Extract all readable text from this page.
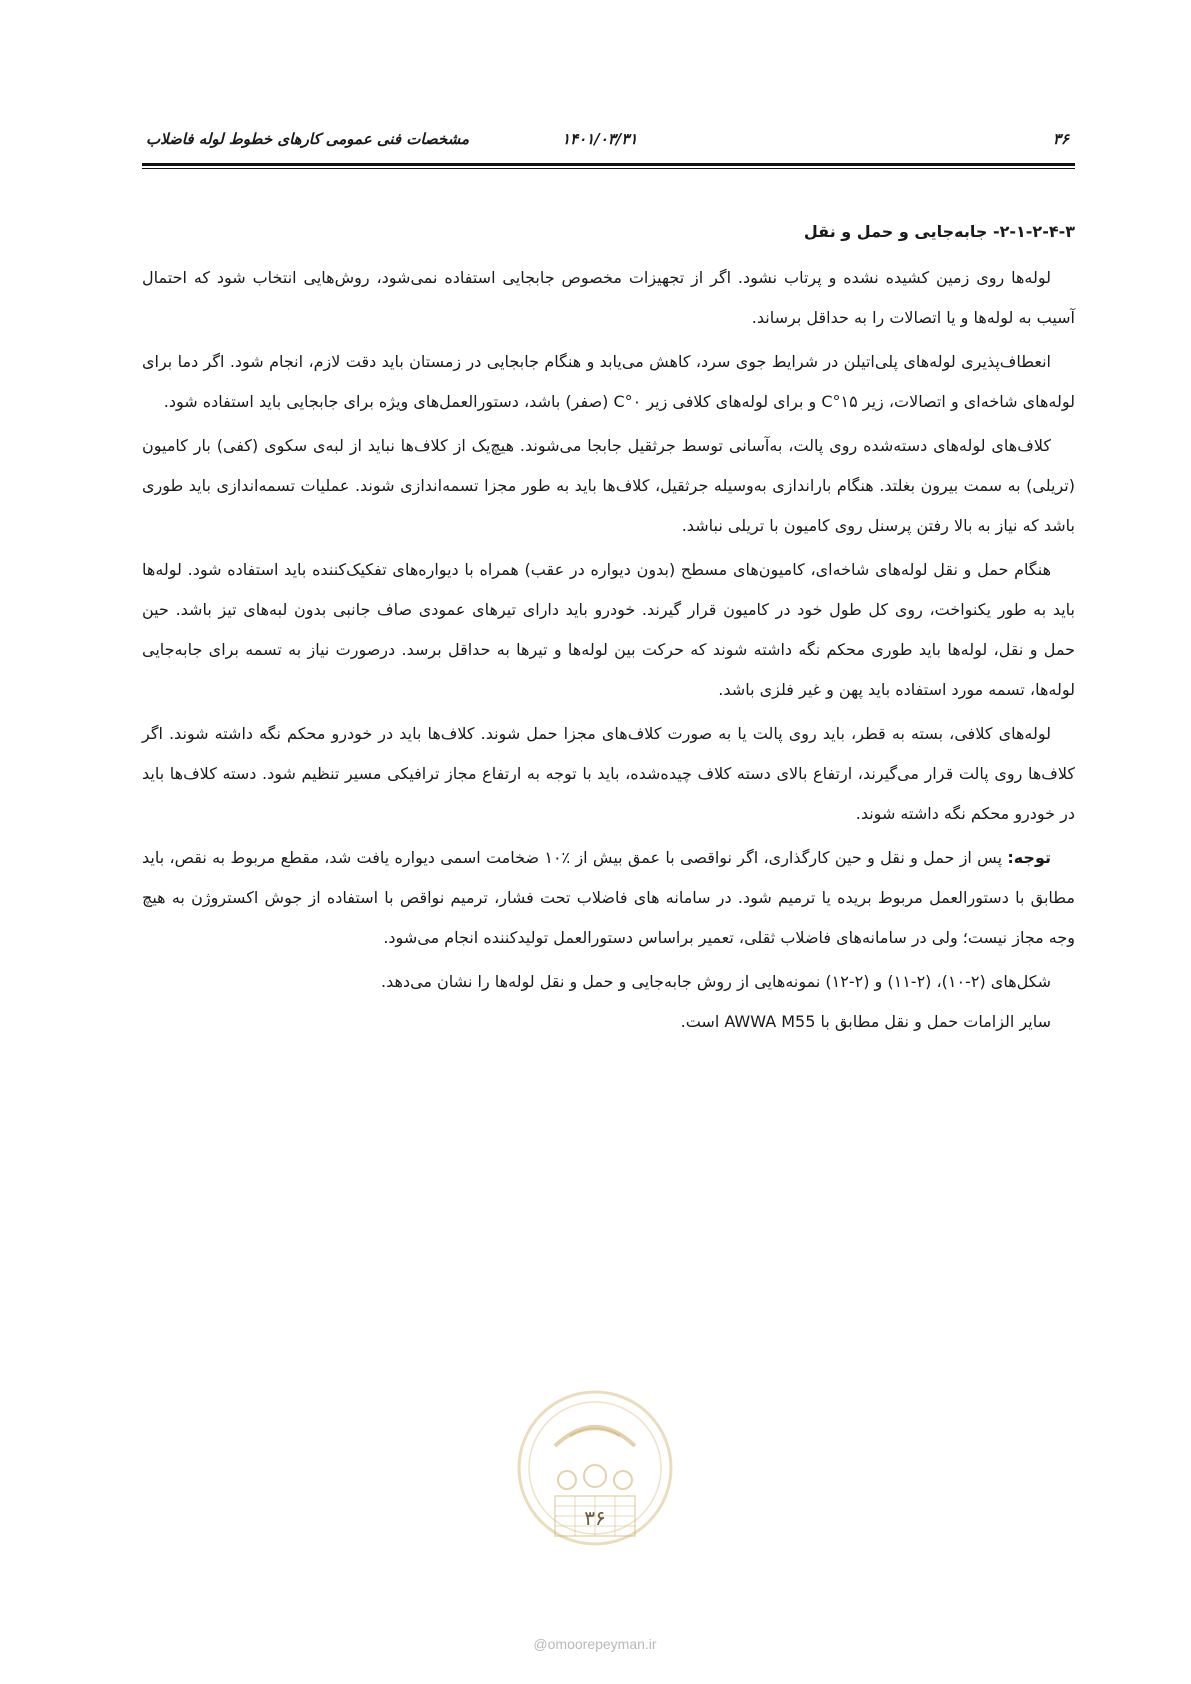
۳۶
۱۴۰۱/۰۳/۳۱
مشخصات فنی عمومی کارهای خطوط لوله فاضلاب

۲-۱-۲-۴-۳- جابه‌جایی و حمل و نقل

لوله‌ها روی زمین کشیده نشده و پرتاب نشود. اگر از تجهیزات مخصوص جابجایی استفاده نمی‌شود، روش‌هایی انتخاب شود که احتمال آسیب به لوله‌ها و یا اتصالات را به حداقل برساند.

انعطاف‌پذیری لوله‌های پلی‌اتیلن در شرایط جوی سرد، کاهش می‌یابد و هنگام جابجایی در زمستان باید دقت لازم، انجام شود. اگر دما برای لوله‌های شاخه‌ای و اتصالات، زیر ۱۵°C و برای لوله‌های کلافی زیر ۰°C (صفر) باشد، دستورالعمل‌های ویژه برای جابجایی باید استفاده شود.

کلاف‌های لوله‌های دسته‌شده روی پالت، به‌آسانی توسط جرثقیل جابجا می‌شوند. هیچ‌یک از کلاف‌ها نباید از لبه‌ی سکوی (کفی) بار کامیون (تریلی) به سمت بیرون بغلتد. هنگام باراندازی به‌وسیله جرثقیل، کلاف‌ها باید به طور مجزا تسمه‌اندازی شوند. عملیات تسمه‌اندازی باید طوری باشد که نیاز به بالا رفتن پرسنل روی کامیون با تریلی نباشد.

هنگام حمل و نقل لوله‌های شاخه‌ای، کامیون‌های مسطح (بدون دیواره در عقب) همراه با دیواره‌های تفکیک‌کننده باید استفاده شود. لوله‌ها باید به طور یکنواخت، روی کل طول خود در کامیون قرار گیرند. خودرو باید دارای تیرهای عمودی صاف جانبی بدون لبه‌های تیز باشد. حین حمل و نقل، لوله‌ها باید طوری محکم نگه داشته شوند که حرکت بین لوله‌ها و تیرها به حداقل برسد. درصورت نیاز به تسمه برای جابه‌جایی لوله‌ها، تسمه مورد استفاده باید پهن و غیر فلزی باشد.

لوله‌های کلافی، بسته به قطر، باید روی پالت یا به صورت کلاف‌های مجزا حمل شوند. کلاف‌ها باید در خودرو محکم نگه داشته شوند. اگر کلاف‌ها روی پالت قرار می‌گیرند، ارتفاع بالای دسته کلاف چیده‌شده، باید با توجه به ارتفاع مجاز ترافیکی مسیر تنظیم شود. دسته کلاف‌ها باید در خودرو محکم نگه داشته شوند.

توجه: پس از حمل و نقل و حین کارگذاری، اگر نواقصی با عمق بیش از ٪۱۰ ضخامت اسمی دیواره یافت شد، مقطع مربوط به نقص، باید مطابق با دستورالعمل مربوط بریده یا ترمیم شود. در سامانه های فاضلاب تحت فشار، ترمیم نواقص با استفاده از جوش اکستروژن به هیچ وجه مجاز نیست؛ ولی در سامانه‌های فاضلاب ثقلی، تعمیر براساس دستورالعمل تولیدکننده انجام می‌شود.

شکل‌های (۲-۱۰)، (۲-۱۱) و (۲-۱۲) نمونه‌هایی از روش جابه‌جایی و حمل و نقل لوله‌ها را نشان می‌دهد.

سایر الزامات حمل و نقل مطابق با AWWA M55 است.

۳۶
@omoorepeyman.ir
